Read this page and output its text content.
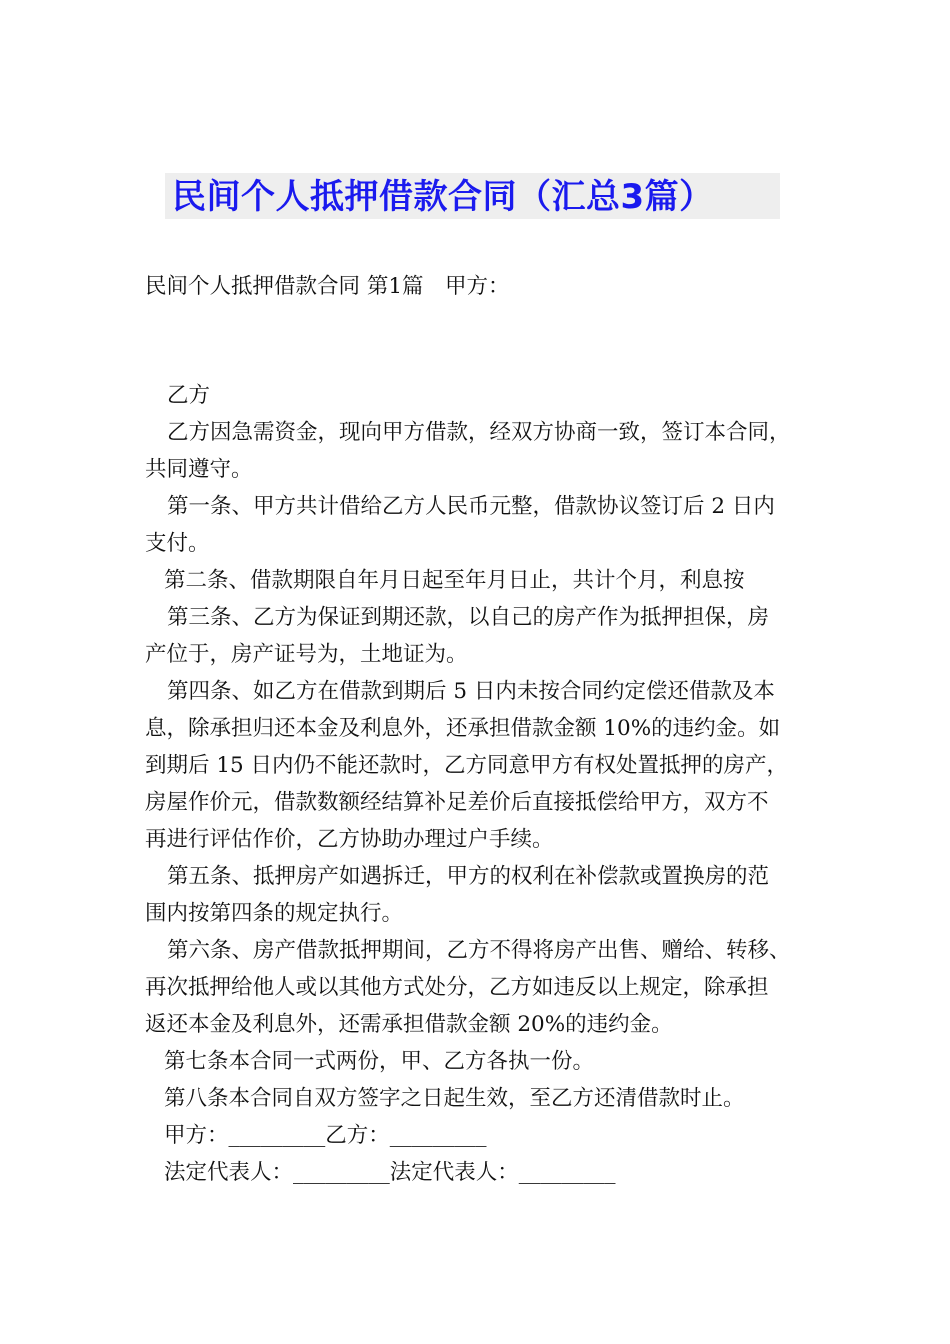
民间个人抵押借款合同（汇总3篇）
民间个人抵押借款合同 第1篇　甲方：
乙方
乙方因急需资金，现向甲方借款，经双方协商一致，签订本合同，
共同遵守。
第一条、甲方共计借给乙方人民币元整，借款协议签订后 2 日内
支付。
第二条、借款期限自年月日起至年月日止，共计个月，利息按
第三条、乙方为保证到期还款，以自己的房产作为抵押担保，房
产位于，房产证号为，土地证为。
第四条、如乙方在借款到期后 5 日内未按合同约定偿还借款及本
息，除承担归还本金及利息外，还承担借款金额 10%的违约金。如
到期后 15 日内仍不能还款时，乙方同意甲方有权处置抵押的房产，
房屋作价元，借款数额经结算补足差价后直接抵偿给甲方，双方不
再进行评估作价，乙方协助办理过户手续。
第五条、抵押房产如遇拆迁，甲方的权利在补偿款或置换房的范
围内按第四条的规定执行。
第六条、房产借款抵押期间，乙方不得将房产出售、赠给、转移、
再次抵押给他人或以其他方式处分，乙方如违反以上规定，除承担
返还本金及利息外，还需承担借款金额 20%的违约金。
第七条本合同一式两份，甲、乙方各执一份。
第八条本合同自双方签字之日起生效，至乙方还清借款时止。
甲方：_________乙方：_________
法定代表人：_________法定代表人：_________
